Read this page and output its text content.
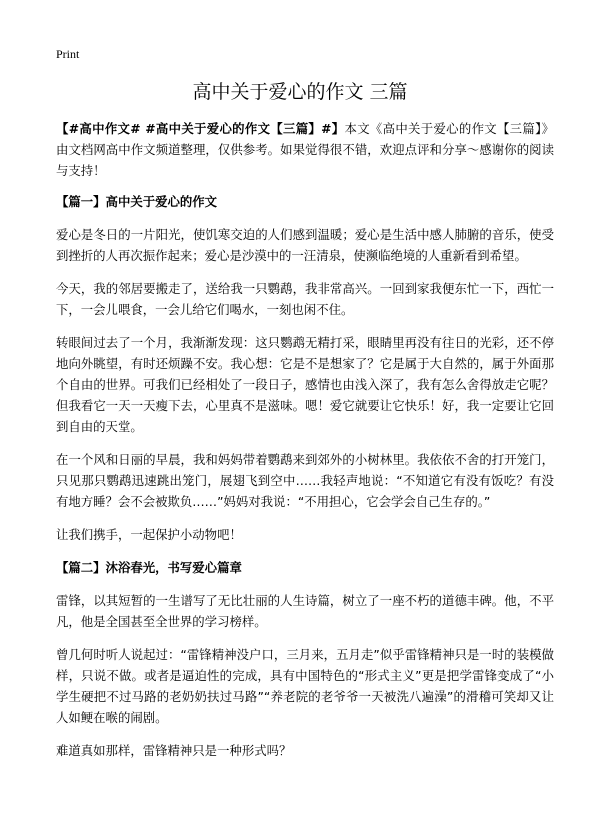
Print
高中关于爱心的作文 三篇

【#高中作文# #高中关于爱心的作文【三篇】#】本文《高中关于爱心的作文【三篇】》由文档网高中作文频道整理，仅供参考。如果觉得很不错，欢迎点评和分享～感谢你的阅读与支持！

【篇一】高中关于爱心的作文

爱心是冬日的一片阳光，使饥寒交迫的人们感到温暖；爱心是生活中感人肺腑的音乐，使受到挫折的人再次振作起来；爱心是沙漠中的一汪清泉，使濒临绝境的人重新看到希望。

今天，我的邻居要搬走了，送给我一只鹦鹉，我非常高兴。一回到家我便东忙一下，西忙一下，一会儿喂食，一会儿给它们喝水，一刻也闲不住。

转眼间过去了一个月，我渐渐发现：这只鹦鹉无精打采，眼睛里再没有往日的光彩，还不停地向外眺望，有时还烦躁不安。我心想：它是不是想家了？它是属于大自然的，属于外面那个自由的世界。可我们已经相处了一段日子，感情也由浅入深了，我有怎么舍得放走它呢？但我看它一天一天瘦下去，心里真不是滋味。嗯！爱它就要让它快乐！好，我一定要让它回到自由的天堂。

在一个风和日丽的早晨，我和妈妈带着鹦鹉来到郊外的小树林里。我依依不舍的打开笼门，只见那只鹦鹉迅速跳出笼门，展翅飞到空中……我轻声地说：“不知道它有没有饭吃？有没有地方睡？会不会被欺负……”妈妈对我说：“不用担心，它会学会自己生存的。”

让我们携手，一起保护小动物吧！

【篇二】沐浴春光，书写爱心篇章

雷锋，以其短暂的一生谱写了无比壮丽的人生诗篇，树立了一座不朽的道德丰碑。他，不平凡，他是全国甚至全世界的学习榜样。

曾几何时听人说起过：“雷锋精神没户口，三月来，五月走”似乎雷锋精神只是一时的装模做样，只说不做。或者是逼迫性的完成，具有中国特色的“形式主义”更是把学雷锋变成了“小学生硬把不过马路的老奶奶扶过马路”“养老院的老爷爷一天被洗八遍澡”的滑稽可笑却又让人如鲠在喉的闹剧。

难道真如那样，雷锋精神只是一种形式吗？
